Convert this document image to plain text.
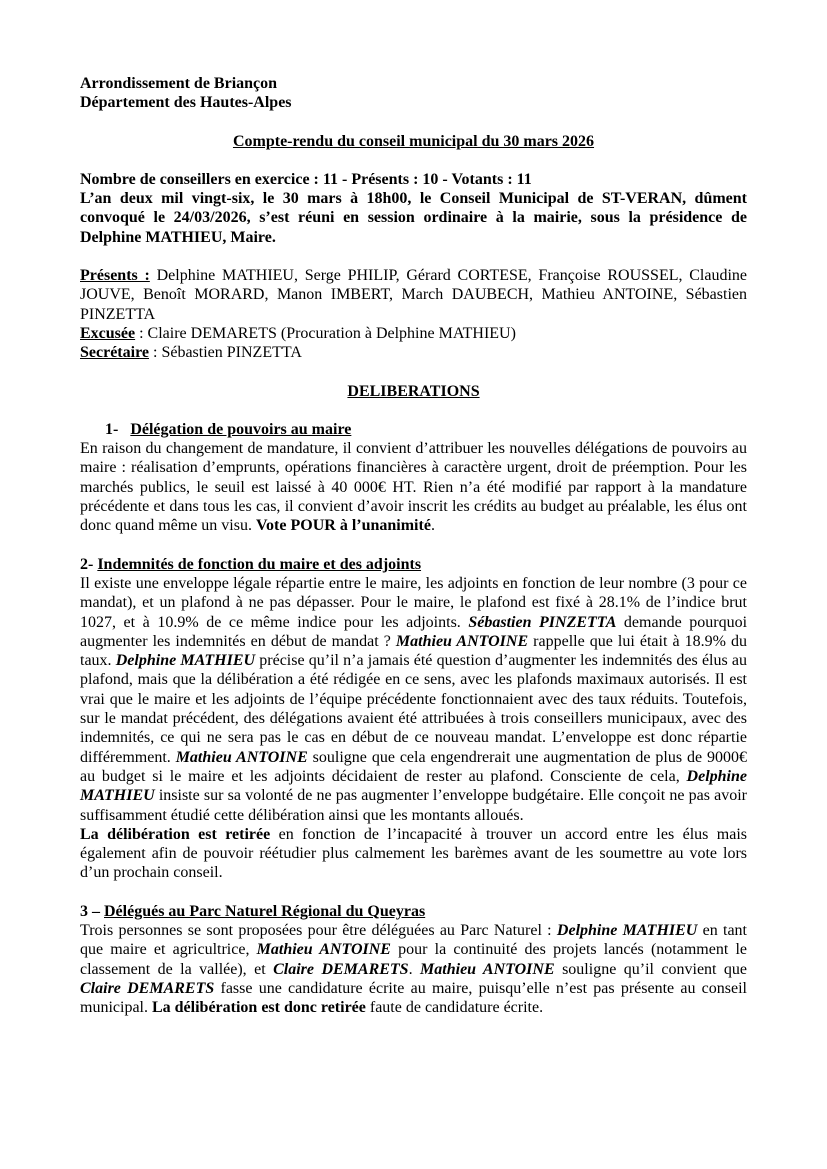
Arrondissement de Briançon
Département des Hautes-Alpes
Compte-rendu du conseil municipal du 30 mars 2026
Nombre de conseillers en exercice : 11 - Présents : 10 - Votants : 11
L’an deux mil vingt-six, le 30 mars à 18h00, le Conseil Municipal de ST-VERAN, dûment convoqué le 24/03/2026, s’est réuni en session ordinaire à la mairie, sous la présidence de Delphine MATHIEU, Maire.
Présents : Delphine MATHIEU, Serge PHILIP, Gérard CORTESE, Françoise ROUSSEL, Claudine JOUVE, Benoît MORARD, Manon IMBERT, March DAUBECH, Mathieu ANTOINE, Sébastien PINZETTA
Excusée : Claire DEMARETS (Procuration à Delphine MATHIEU)
Secrétaire : Sébastien PINZETTA
DELIBERATIONS
1- Délégation de pouvoirs au maire
En raison du changement de mandature, il convient d’attribuer les nouvelles délégations de pouvoirs au maire : réalisation d’emprunts, opérations financières à caractère urgent, droit de préemption. Pour les marchés publics, le seuil est laissé à 40 000€ HT. Rien n’a été modifié par rapport à la mandature précédente et dans tous les cas, il convient d’avoir inscrit les crédits au budget au préalable, les élus ont donc quand même un visu. Vote POUR à l’unanimité.
2- Indemnités de fonction du maire et des adjoints
Il existe une enveloppe légale répartie entre le maire, les adjoints en fonction de leur nombre (3 pour ce mandat), et un plafond à ne pas dépasser. Pour le maire, le plafond est fixé à 28.1% de l’indice brut 1027, et à 10.9% de ce même indice pour les adjoints. Sébastien PINZETTA demande pourquoi augmenter les indemnités en début de mandat ? Mathieu ANTOINE rappelle que lui était à 18.9% du taux. Delphine MATHIEU précise qu’il n’a jamais été question d’augmenter les indemnités des élus au plafond, mais que la délibération a été rédigée en ce sens, avec les plafonds maximaux autorisés. Il est vrai que le maire et les adjoints de l’équipe précédente fonctionnaient avec des taux réduits. Toutefois, sur le mandat précédent, des délégations avaient été attribuées à trois conseillers municipaux, avec des indemnités, ce qui ne sera pas le cas en début de ce nouveau mandat. L’enveloppe est donc répartie différemment. Mathieu ANTOINE souligne que cela engendrerait une augmentation de plus de 9000€ au budget si le maire et les adjoints décidaient de rester au plafond. Consciente de cela, Delphine MATHIEU insiste sur sa volonté de ne pas augmenter l’enveloppe budgétaire. Elle conçoit ne pas avoir suffisamment étudié cette délibération ainsi que les montants alloués.
La délibération est retirée en fonction de l’incapacité à trouver un accord entre les élus mais également afin de pouvoir réétudier plus calmement les barèmes avant de les soumettre au vote lors d’un prochain conseil.
3 – Délégués au Parc Naturel Régional du Queyras
Trois personnes se sont proposées pour être déléguées au Parc Naturel : Delphine MATHIEU en tant que maire et agricultrice, Mathieu ANTOINE pour la continuité des projets lancés (notamment le classement de la vallée), et Claire DEMARETS. Mathieu ANTOINE souligne qu’il convient que Claire DEMARETS fasse une candidature écrite au maire, puisqu’elle n’est pas présente au conseil municipal. La délibération est donc retirée faute de candidature écrite.
